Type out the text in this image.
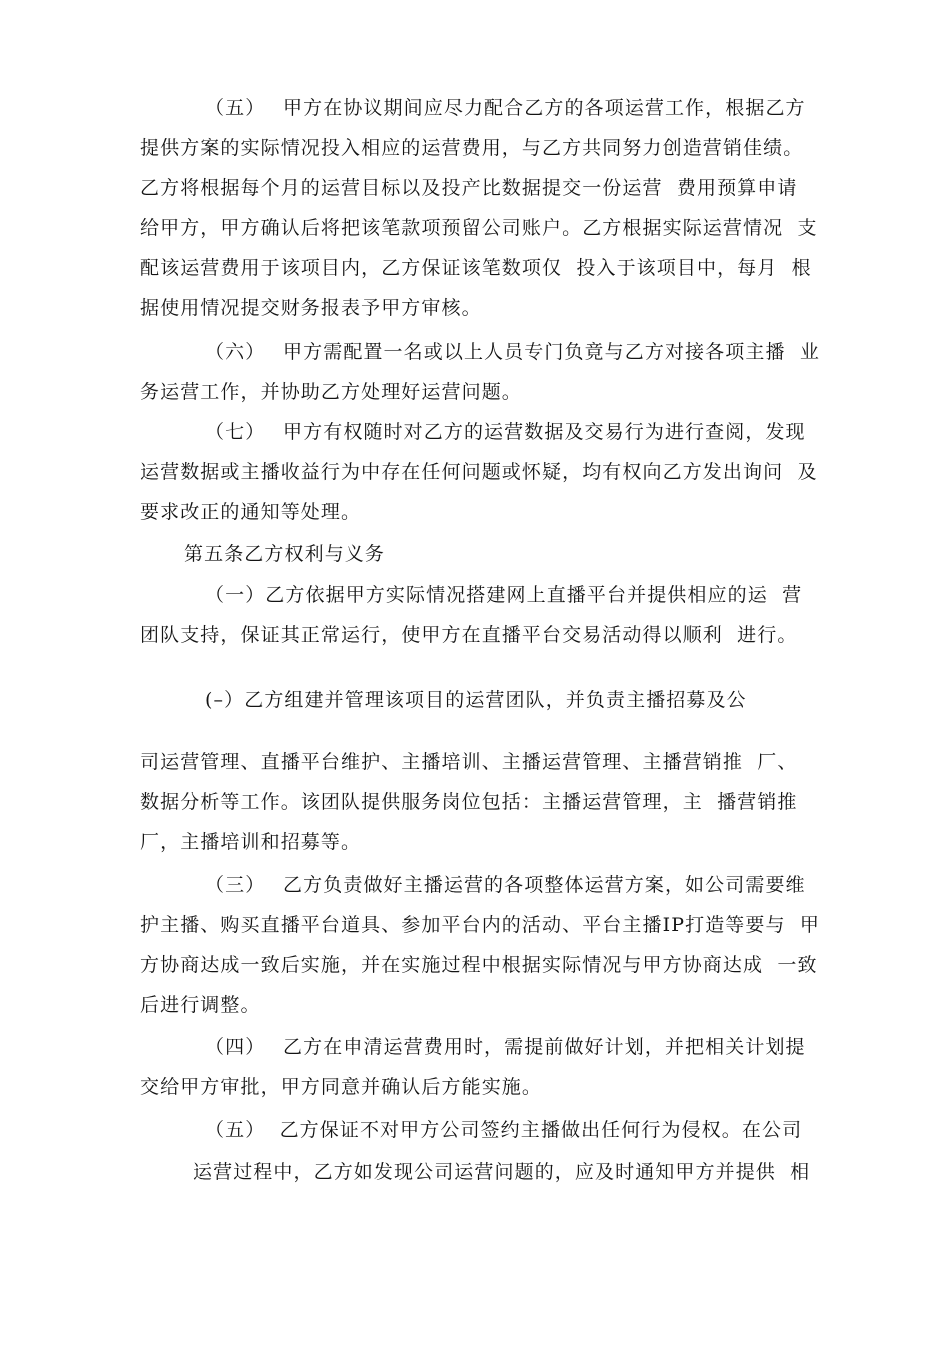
（五）　 甲方在协议期间应尽力配合乙方的各项运营工作，根据乙方
提供方案的实际情况投入相应的运营费用，与乙方共同努力创造营销佳绩。
乙方将根据每个月的运营目标以及投产比数据提交一份运营  费用预算申请
给甲方，甲方确认后将把该笔款项预留公司账户。乙方根据实际运营情况  支
配该运营费用于该项目内，乙方保证该笔数项仅  投入于该项目中，每月  根
据使用情况提交财务报表予甲方审核。
（六）　 甲方需配置一名或以上人员专门负竟与乙方对接各项主播  业
务运营工作，并协助乙方处理好运营问题。
（七）　 甲方有权随时对乙方的运营数据及交易行为进行查阅，发现
运营数据或主播收益行为中存在任何问题或怀疑，均有权向乙方发出询问  及
要求改正的通知等处理。
第五条乙方权利与义务
（一）乙方依据甲方实际情况搭建网上直播平台并提供相应的运  营
团队支持，保证其正常运行，使甲方在直播平台交易活动得以顺利  进行。
(–）乙方组建并管理该项目的运营团队，并负责主播招募及公
司运营管理、直播平台维护、主播培训、主播运营管理、主播营销推  厂、
数据分析等工作。该团队提供服务岗位包括：主播运营管理，主  播营销推
厂，主播培训和招募等。
（三）　 乙方负责做好主播运营的各项整体运营方案，如公司需要维
护主播、购买直播平台道具、参加平台内的活动、平台主播IP打造等要与  甲
方协商达成一致后实施，并在实施过程中根据实际情况与甲方协商达成  一致
后进行调整。
（四）　 乙方在申清运营费用时，需提前做好计划，并把相关计划提
交给甲方审批，甲方同意并确认后方能实施。
（五）  乙方保证不对甲方公司签约主播做出任何行为侵权。在公司
运营过程中，乙方如发现公司运营问题的，应及时通知甲方并提供  相
